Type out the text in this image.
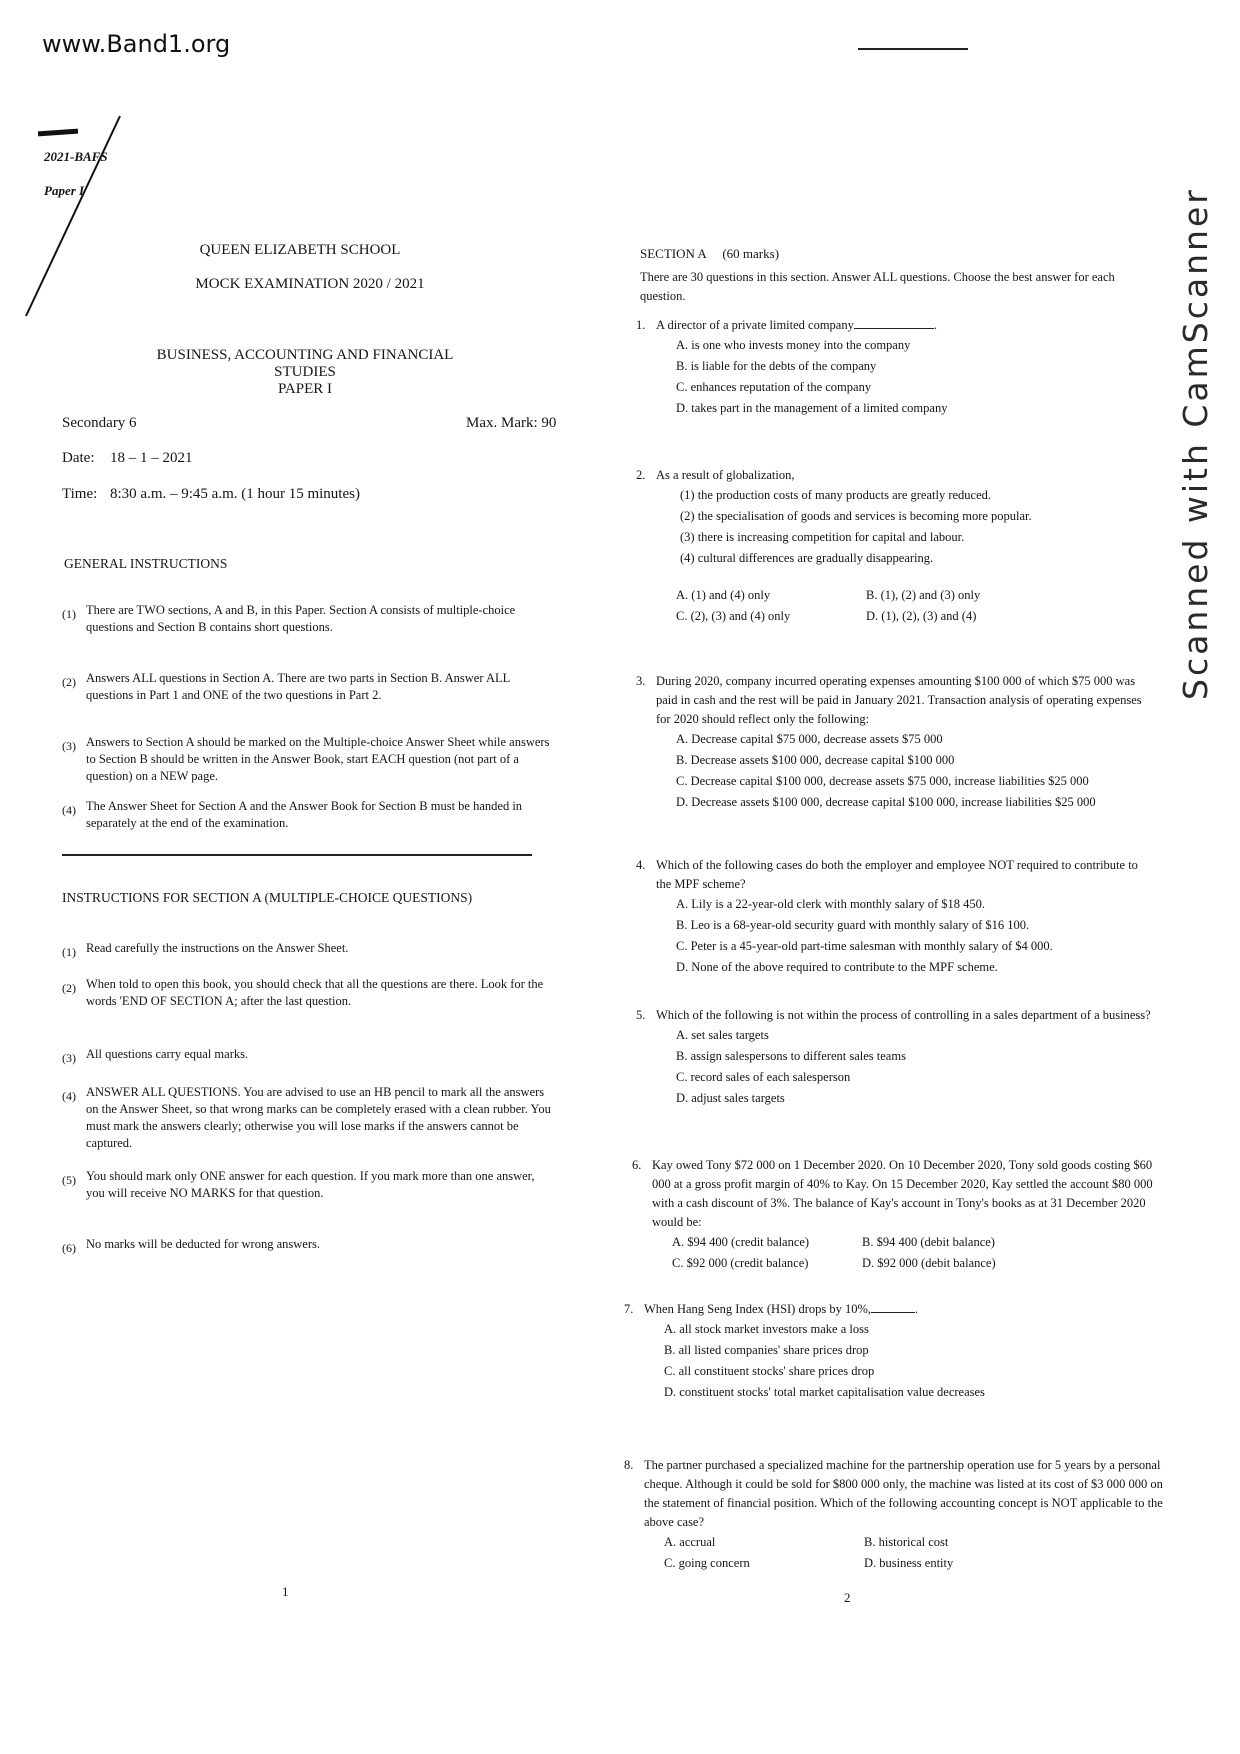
www.Band1.org
2021-BAFS
Paper I	Scanned with CamScanner
QUEEN ELIZABETH SCHOOL
MOCK EXAMINATION 2020 / 2021
BUSINESS, ACCOUNTING AND FINANCIAL STUDIES
PAPER I
Secondary 6	Max. Mark: 90
Date: 18 – 1 – 2021
Time: 8:30 a.m. – 9:45 a.m. (1 hour 15 minutes)
GENERAL INSTRUCTIONS
(1) There are TWO sections, A and B, in this Paper. Section A consists of multiple-choice questions and Section B contains short questions.
(2) Answers ALL questions in Section A. There are two parts in Section B. Answer ALL questions in Part 1 and ONE of the two questions in Part 2.
(3) Answers to Section A should be marked on the Multiple-choice Answer Sheet while answers to Section B should be written in the Answer Book, start EACH question (not part of a question) on a NEW page.
(4) The Answer Sheet for Section A and the Answer Book for Section B must be handed in separately at the end of the examination.
INSTRUCTIONS FOR SECTION A (MULTIPLE-CHOICE QUESTIONS)
(1) Read carefully the instructions on the Answer Sheet.
(2) When told to open this book, you should check that all the questions are there. Look for the words 'END OF SECTION A; after the last question.
(3) All questions carry equal marks.
(4) ANSWER ALL QUESTIONS. You are advised to use an HB pencil to mark all the answers on the Answer Sheet, so that wrong marks can be completely erased with a clean rubber. You must mark the answers clearly; otherwise you will lose marks if the answers cannot be captured.
(5) You should mark only ONE answer for each question. If you mark more than one answer, you will receive NO MARKS for that question.
(6) No marks will be deducted for wrong answers.
1
SECTION A (60 marks)
There are 30 questions in this section. Answer ALL questions. Choose the best answer for each question.
1. A director of a private limited company	.
A. is one who invests money into the company
B. is liable for the debts of the company
C. enhances reputation of the company
D. takes part in the management of a limited company
2. As a result of globalization,
(1) the production costs of many products are greatly reduced.
(2) the specialisation of goods and services is becoming more popular.
(3) there is increasing competition for capital and labour.
(4) cultural differences are gradually disappearing.
A. (1) and (4) only	B. (1), (2) and (3) only
C. (2), (3) and (4) only	D. (1), (2), (3) and (4)
3. During 2020, company incurred operating expenses amounting $100 000 of which $75 000 was paid in cash and the rest will be paid in January 2021. Transaction analysis of operating expenses for 2020 should reflect only the following:
A. Decrease capital $75 000, decrease assets $75 000
B. Decrease assets $100 000, decrease capital $100 000
C. Decrease capital $100 000, decrease assets $75 000, increase liabilities $25 000
D. Decrease assets $100 000, decrease capital $100 000, increase liabilities $25 000
4. Which of the following cases do both the employer and employee NOT required to contribute to the MPF scheme?
A. Lily is a 22-year-old clerk with monthly salary of $18 450.
B. Leo is a 68-year-old security guard with monthly salary of $16 100.
C. Peter is a 45-year-old part-time salesman with monthly salary of $4 000.
D. None of the above required to contribute to the MPF scheme.
5. Which of the following is not within the process of controlling in a sales department of a business?
A. set sales targets
B. assign salespersons to different sales teams
C. record sales of each salesperson
D. adjust sales targets
6. Kay owed Tony $72 000 on 1 December 2020. On 10 December 2020, Tony sold goods costing $60 000 at a gross profit margin of 40% to Kay. On 15 December 2020, Kay settled the account $80 000 with a cash discount of 3%. The balance of Kay's account in Tony's books as at 31 December 2020 would be:
A. $94 400 (credit balance)	B. $94 400 (debit balance)
C. $92 000 (credit balance)	D. $92 000 (debit balance)
7. When Hang Seng Index (HSI) drops by 10%,	.
A. all stock market investors make a loss
B. all listed companies' share prices drop
C. all constituent stocks' share prices drop
D. constituent stocks' total market capitalisation value decreases
8. The partner purchased a specialized machine for the partnership operation use for 5 years by a personal cheque. Although it could be sold for $800 000 only, the machine was listed at its cost of $3 000 000 on the statement of financial position. Which of the following accounting concept is NOT applicable to the above case?
A. accrual	B. historical cost
C. going concern	D. business entity
2
